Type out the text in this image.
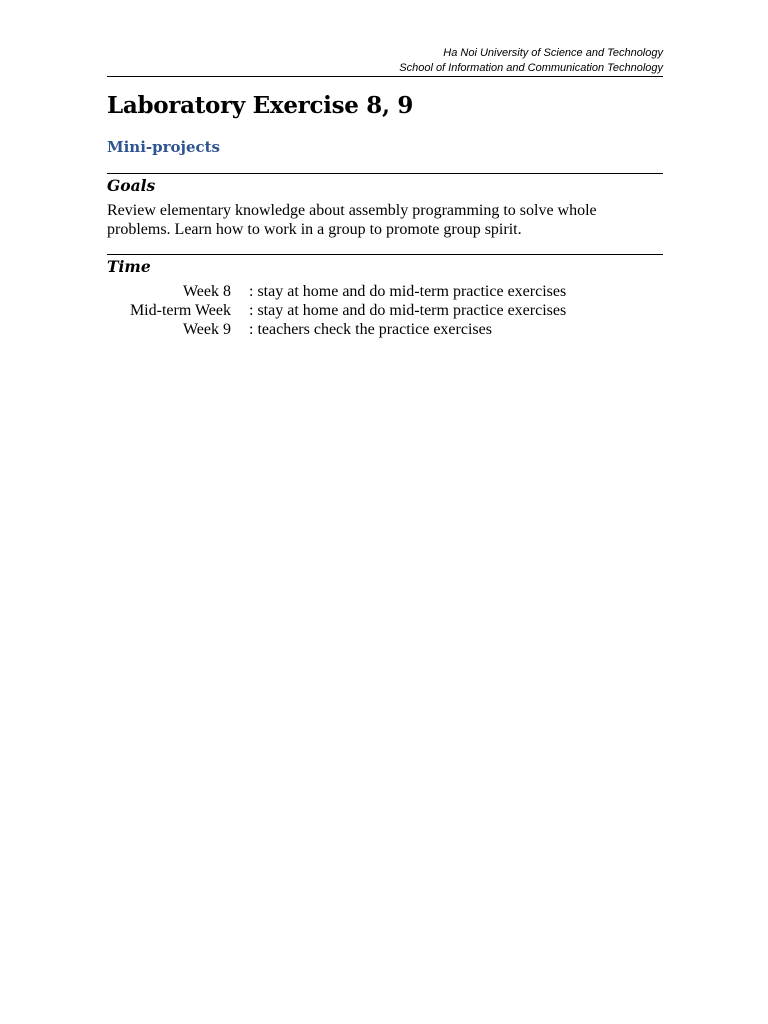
Ha Noi University of Science and Technology
School of Information and Communication Technology
Laboratory Exercise 8, 9
Mini-projects
Goals

Review elementary knowledge about assembly programming to solve whole problems. Learn how to work in a group to promote group spirit.

Time
Week 8 : stay at home and do mid-term practice exercises
Mid-term Week : stay at home and do mid-term practice exercises
Week 9 : teachers check the practice exercises
